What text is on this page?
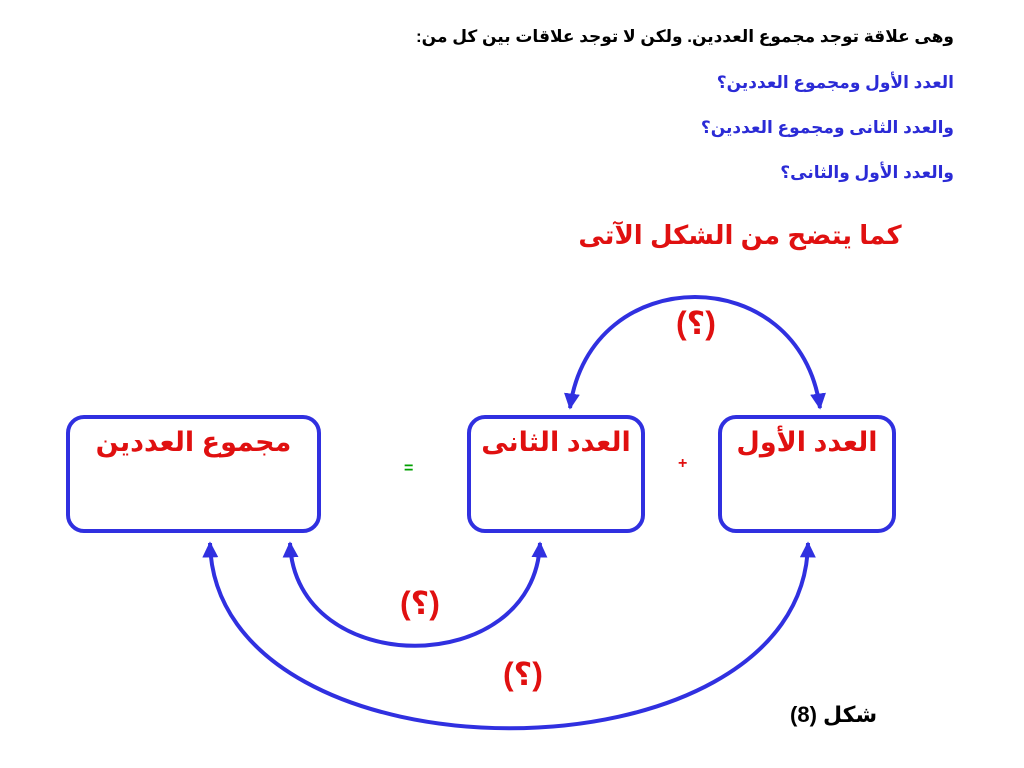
وهى علاقة توجد مجموع العددين. ولكن لا توجد علاقات بين كل من:
العدد الأول ومجموع العددين؟
والعدد الثانى ومجموع العددين؟
والعدد الأول والثانى؟
كما يتضح من الشكل الآتى
العدد الأول
العدد الثانى
مجموع العددين
+
=
(؟)
(؟)
(؟)
شكل (8)
